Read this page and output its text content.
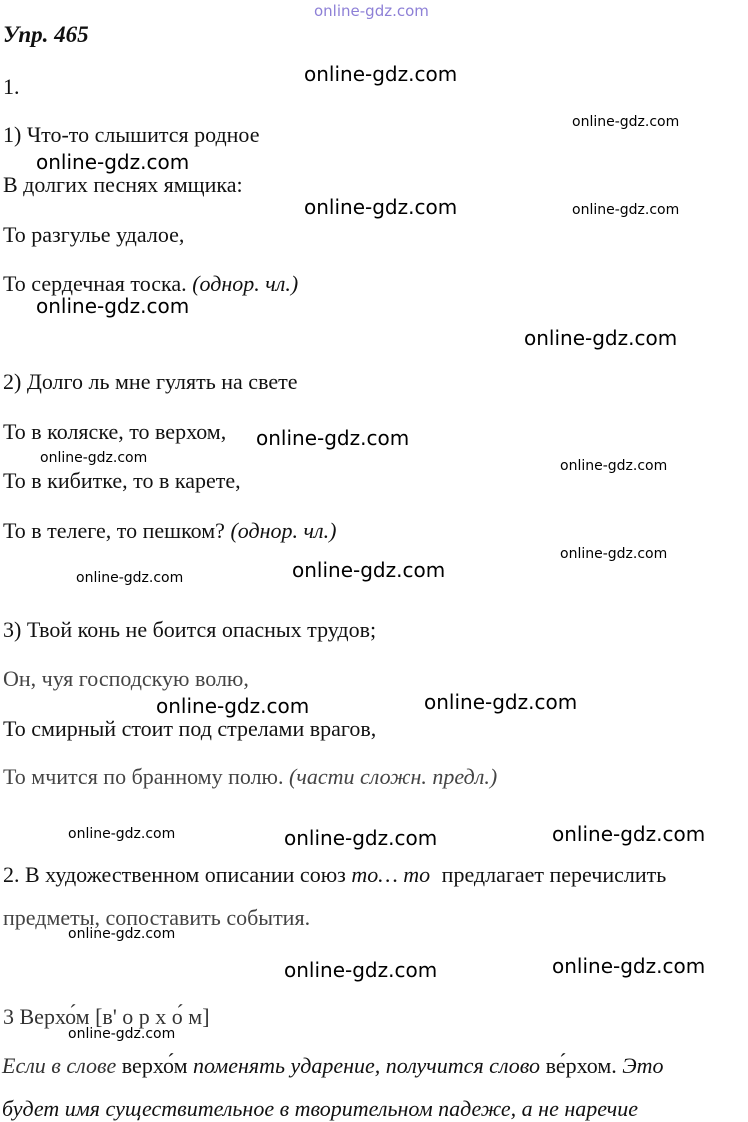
online-gdz.com
Упр. 465
1.
1) Что-то слышится родное
В долгих песнях ямщика:
То разгулье удалое,
То сердечная тоска. (однор. чл.)
2) Долго ль мне гулять на свете
То в коляске, то верхом,
То в кибитке, то в карете,
То в телеге, то пешком? (однор. чл.)
3) Твой конь не боится опасных трудов;
Он, чуя господскую волю,
То смирный стоит под стрелами врагов,
То мчится по бранному полю. (части сложн. предл.)
2. В художественном описании союз то… то предлагает перечислить
предметы, сопоставить события.
3 Верхо́м [в' о р х о́ м]
Если в слове верхо́м поменять ударение, получится слово ве́рхом. Это
будет имя существительное в творительном падеже, а не наречие
online-gdz.com
online-gdz.com
online-gdz.com
online-gdz.com	online-gdz.com
online-gdz.com
online-gdz.com
online-gdz.com
online-gdz.com	online-gdz.com
online-gdz.com
online-gdz.com
online-gdz.com
online-gdz.com
online-gdz.com
online-gdz.com	online-gdz.com	online-gdz.com
online-gdz.com
online-gdz.com	online-gdz.com
online-gdz.com
